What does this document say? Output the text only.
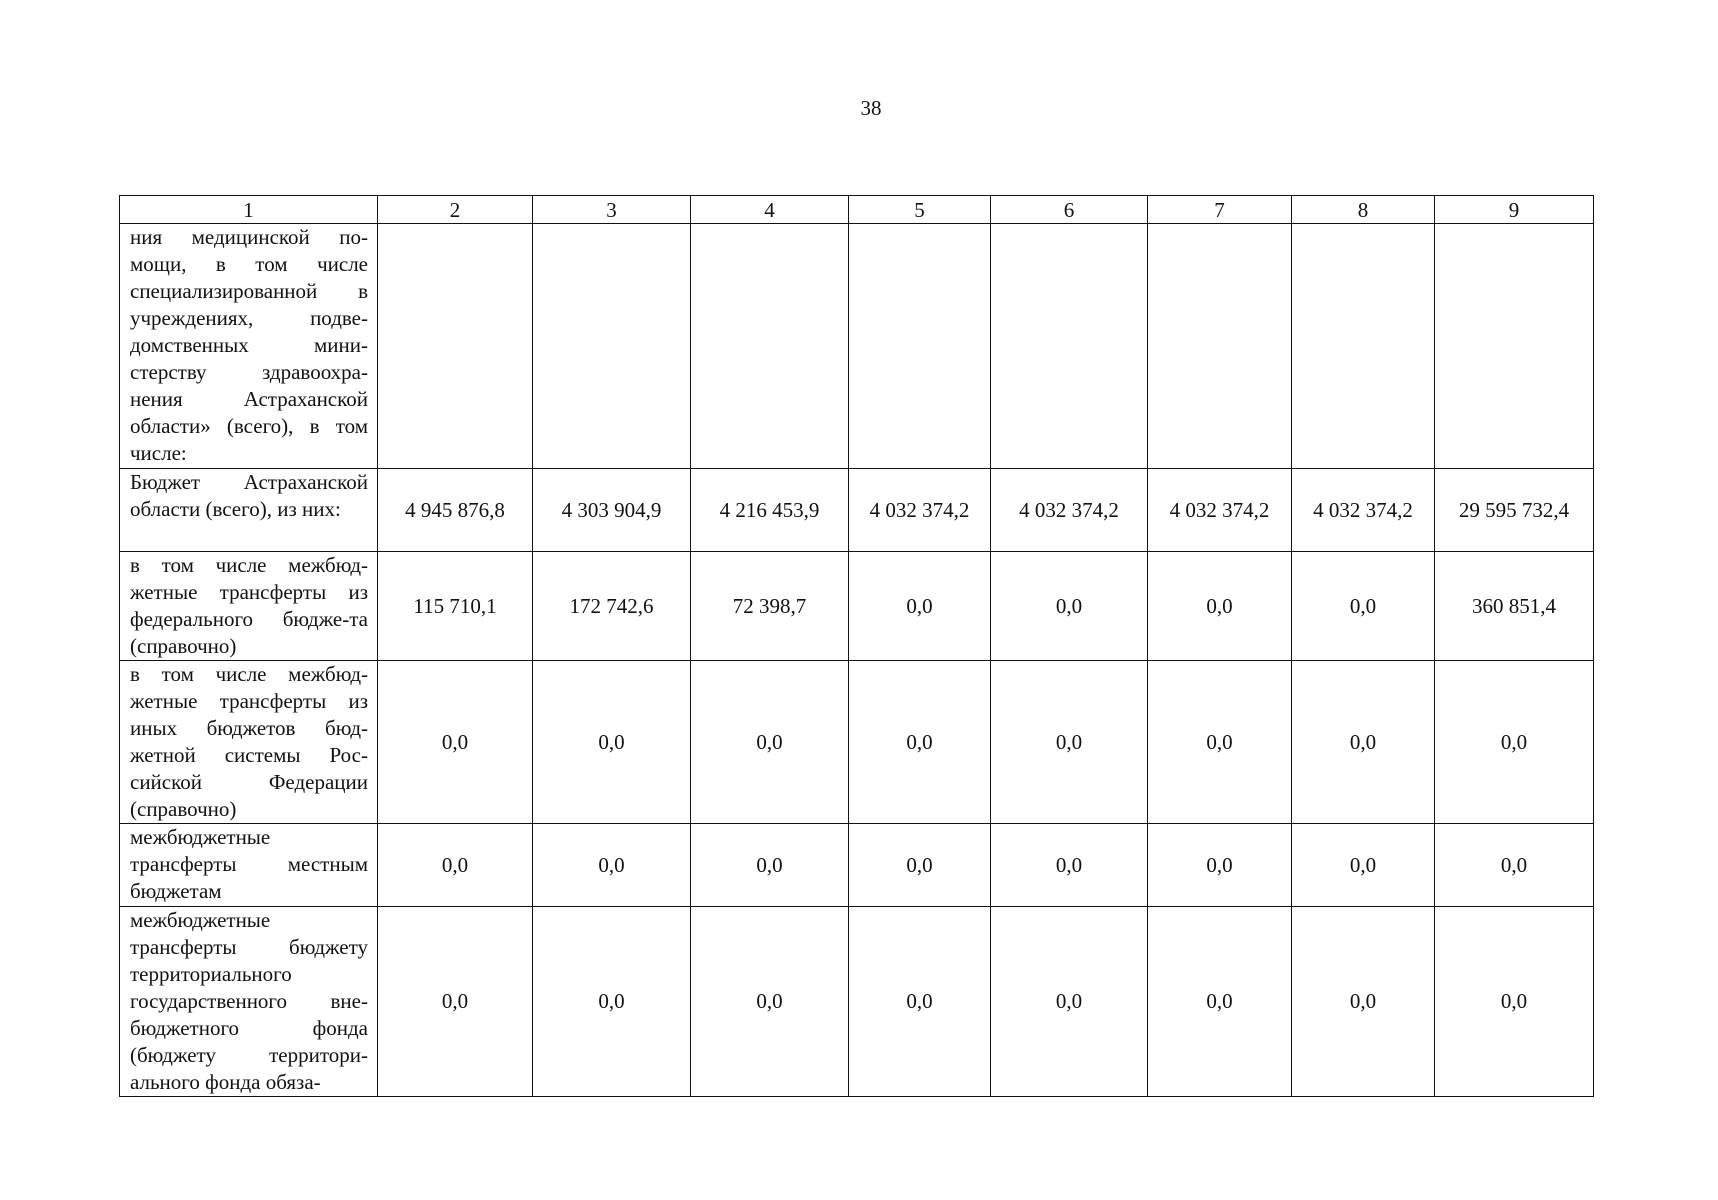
38
1	2	3	4	5	6	7	8	9
ния медицинской по-мощи, в том числе специализированной в учреждениях, подве-домственных мини-стерству здравоохра-нения Астраханской области» (всего), в том числе:								
Бюджет Астраханской области (всего), из них:	4 945 876,8	4 303 904,9	4 216 453,9	4 032 374,2	4 032 374,2	4 032 374,2	4 032 374,2	29 595 732,4
в том числе межбюд-жетные трансферты из федерального бюдже-та (справочно)	115 710,1	172 742,6	72 398,7	0,0	0,0	0,0	0,0	360 851,4
в том числе межбюд-жетные трансферты из иных бюджетов бюд-жетной системы Рос-сийской Федерации (справочно)	0,0	0,0	0,0	0,0	0,0	0,0	0,0	0,0
межбюджетные трансферты местным бюджетам	0,0	0,0	0,0	0,0	0,0	0,0	0,0	0,0
межбюджетные трансферты бюджету территориального государственного вне-бюджетного фонда (бюджету территори-ального фонда обяза-	0,0	0,0	0,0	0,0	0,0	0,0	0,0	0,0
